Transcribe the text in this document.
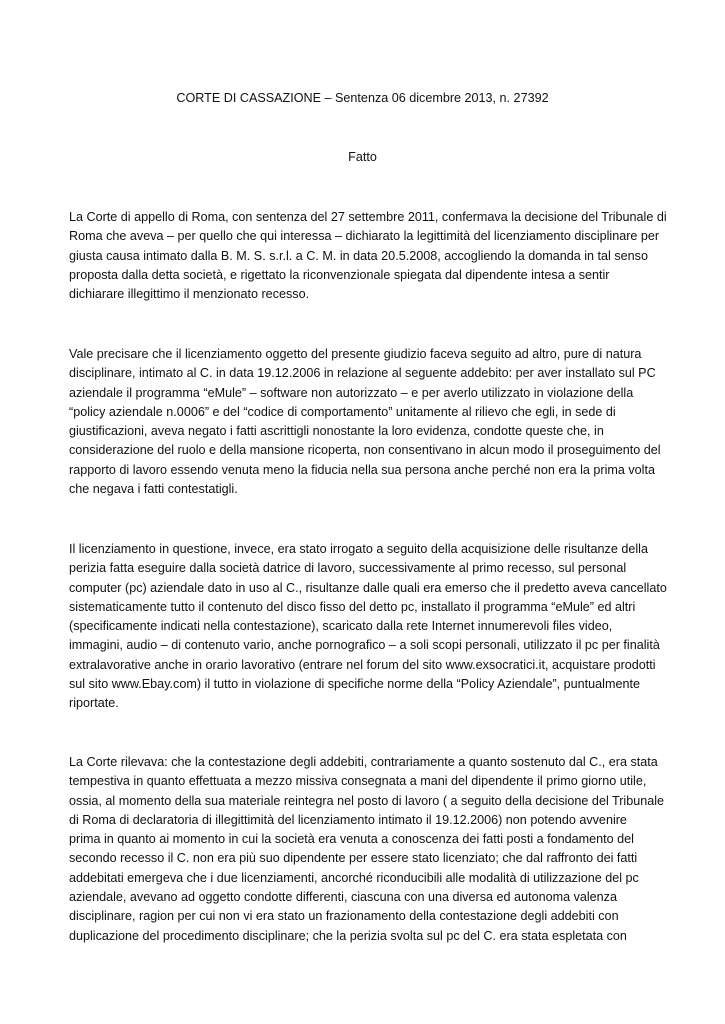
CORTE DI CASSAZIONE – Sentenza 06 dicembre 2013, n. 27392
Fatto
La Corte di appello di Roma, con sentenza del 27 settembre 2011, confermava la decisione del Tribunale di
Roma che aveva – per quello che qui interessa – dichiarato la legittimità del licenziamento disciplinare per
giusta causa intimato dalla B. M. S. s.r.l. a C. M. in data 20.5.2008, accogliendo la domanda in tal senso
proposta dalla detta società, e rigettato la riconvenzionale spiegata dal dipendente intesa a sentir
dichiarare illegittimo il menzionato recesso.
Vale precisare che il licenziamento oggetto del presente giudizio faceva seguito ad altro, pure di natura
disciplinare, intimato al C. in data 19.12.2006 in relazione al seguente addebito: per aver installato sul PC
aziendale il programma “eMule” – software non autorizzato – e per averlo utilizzato in violazione della
“policy aziendale n.0006” e del “codice di comportamento” unitamente al rilievo che egli, in sede di
giustificazioni, aveva negato i fatti ascrittigli nonostante la loro evidenza, condotte queste che, in
considerazione del ruolo e della mansione ricoperta, non consentivano in alcun modo il proseguimento del
rapporto di lavoro essendo venuta meno la fiducia nella sua persona anche perché non era la prima volta
che negava i fatti contestatigli.
Il licenziamento in questione, invece, era stato irrogato a seguito della acquisizione delle risultanze della
perizia fatta eseguire dalla società datrice di lavoro, successivamente al primo recesso, sul personal
computer (pc) aziendale dato in uso al C., risultanze dalle quali era emerso che il predetto aveva cancellato
sistematicamente tutto il contenuto del disco fisso del detto pc, installato il programma “eMule” ed altri
(specificamente indicati nella contestazione), scaricato dalla rete Internet innumerevoli files video,
immagini, audio – di contenuto vario, anche pornografico – a soli scopi personali, utilizzato il pc per finalità
extralavorative anche in orario lavorativo (entrare nel forum del sito www.exsocratici.it, acquistare prodotti
sul sito www.Ebay.com) il tutto in violazione di specifiche norme della “Policy Aziendale”, puntualmente
riportate.
La Corte rilevava: che la contestazione degli addebiti, contrariamente a quanto sostenuto dal C., era stata
tempestiva in quanto effettuata a mezzo missiva consegnata a mani del dipendente il primo giorno utile,
ossia, al momento della sua materiale reintegra nel posto di lavoro ( a seguito della decisione del Tribunale
di Roma di declaratoria di illegittimità del licenziamento intimato il 19.12.2006) non potendo avvenire
prima in quanto ai momento in cui la società era venuta a conoscenza dei fatti posti a fondamento del
secondo recesso il C. non era più suo dipendente per essere stato licenziato; che dal raffronto dei fatti
addebitati emergeva che i due licenziamenti, ancorché riconducibili alle modalità di utilizzazione del pc
aziendale, avevano ad oggetto condotte differenti, ciascuna con una diversa ed autonoma valenza
disciplinare, ragion per cui non vi era stato un frazionamento della contestazione degli addebiti con
duplicazione del procedimento disciplinare; che la perizia svolta sul pc del C. era stata espletata con
